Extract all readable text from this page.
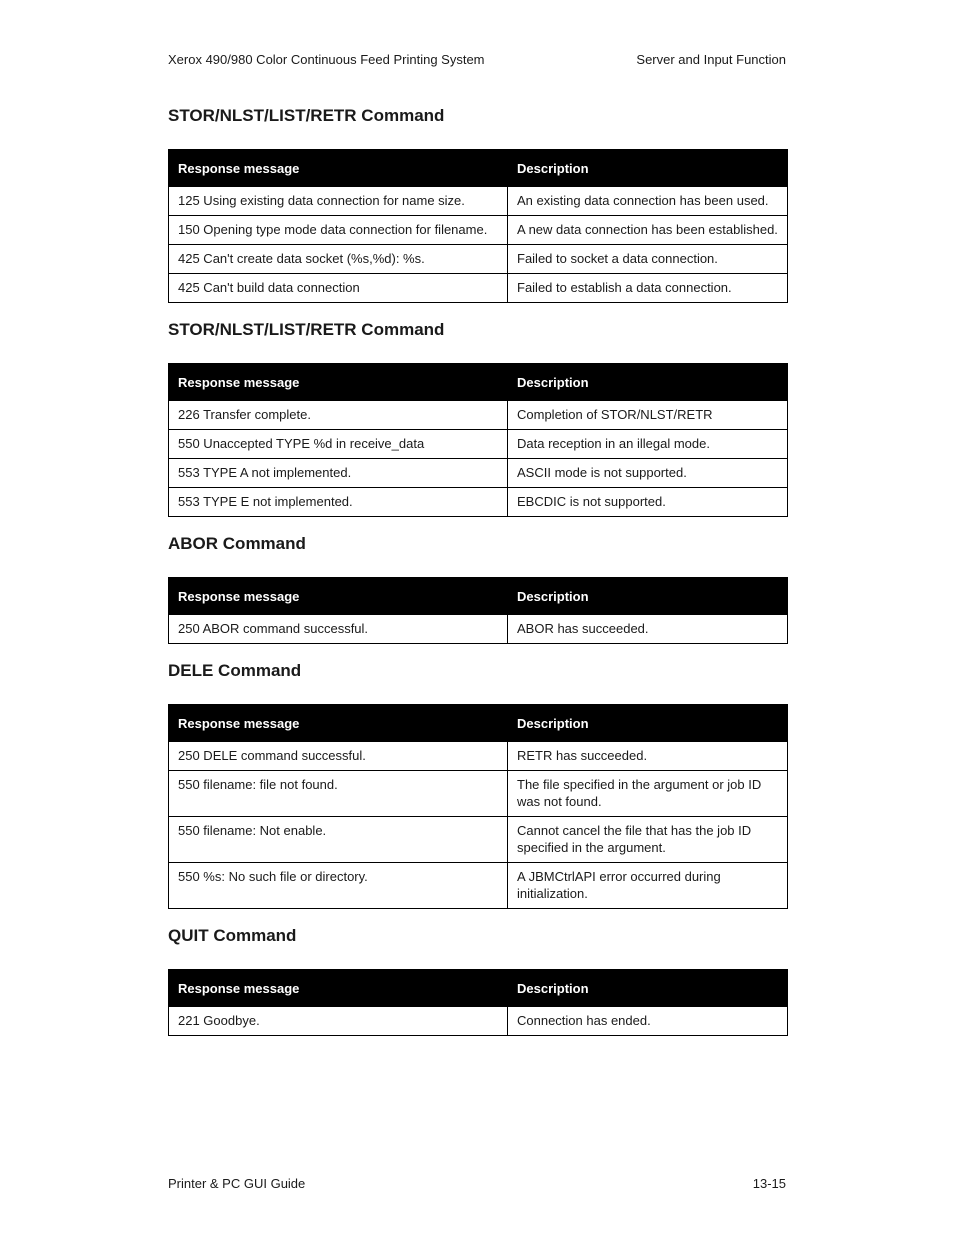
Xerox 490/980 Color Continuous Feed Printing System	Server and Input Function
STOR/NLST/LIST/RETR Command
Response message	Description
125 Using existing data connection for name size.	An existing data connection has been used.
150 Opening type mode data connection for filename.	A new data connection has been established.
425 Can't create data socket (%s,%d): %s.	Failed to socket a data connection.
425 Can't build data connection	Failed to establish a data connection.
STOR/NLST/LIST/RETR Command
Response message	Description
226 Transfer complete.	Completion of STOR/NLST/RETR
550 Unaccepted TYPE %d in receive_data	Data reception in an illegal mode.
553 TYPE A not implemented.	ASCII mode is not supported.
553 TYPE E not implemented.	EBCDIC is not supported.
ABOR Command
Response message	Description
250 ABOR command successful.	ABOR has succeeded.
DELE Command
Response message	Description
250 DELE command successful.	RETR has succeeded.
550 filename: file not found.	The file specified in the argument or job ID was not found.
550 filename: Not enable.	Cannot cancel the file that has the job ID specified in the argument.
550 %s: No such file or directory.	A JBMCtrlAPI error occurred during initialization.
QUIT Command
Response message	Description
221 Goodbye.	Connection has ended.
Printer & PC GUI Guide	13-15
